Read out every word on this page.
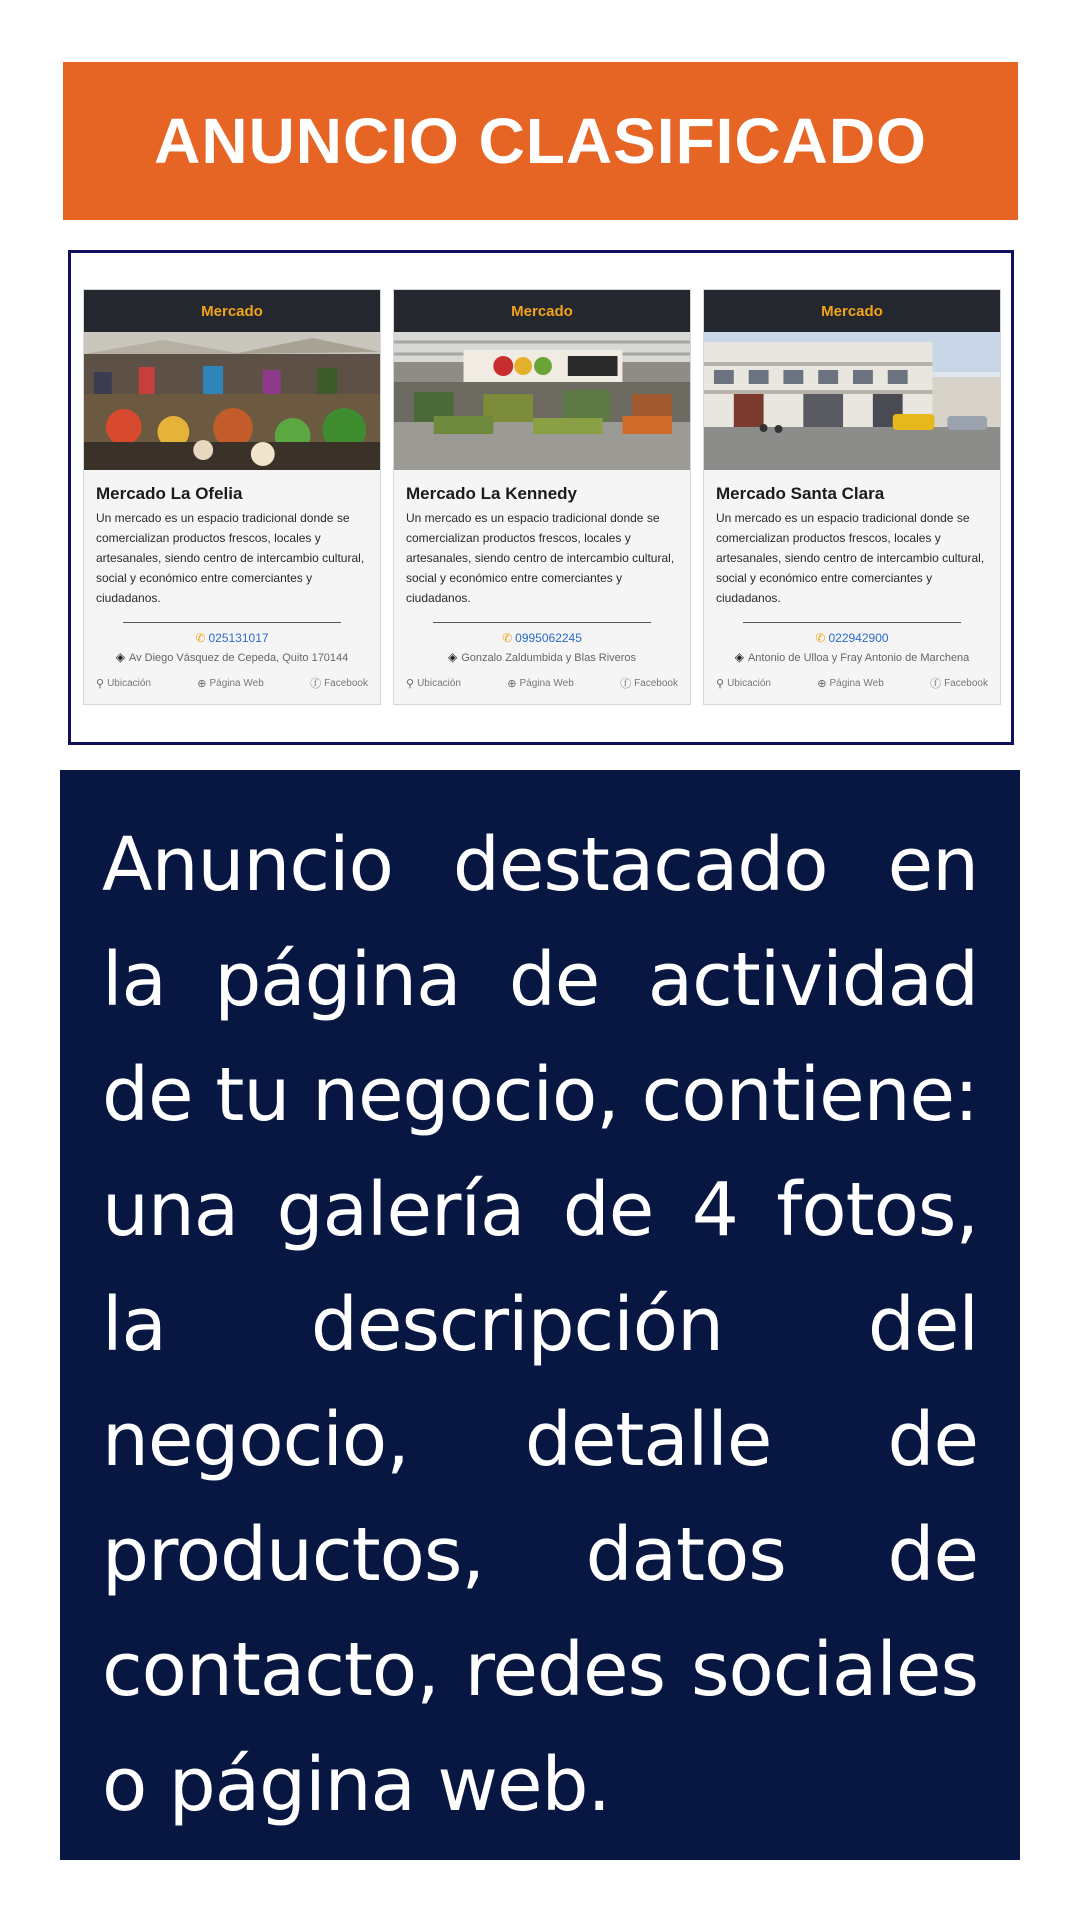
ANUNCIO CLASIFICADO
Mercado
Mercado La Ofelia

Un mercado es un espacio tradicional donde se comercializan productos frescos, locales y artesanales, siendo centro de intercambio cultural, social y económico entre comerciantes y ciudadanos.

✆ 025131017
◈ Av Diego Vásquez de Cepeda, Quito 170144
⚲ Ubicación	⊕ Página Web	ⓕ Facebook
Mercado
Mercado La Kennedy

Un mercado es un espacio tradicional donde se comercializan productos frescos, locales y artesanales, siendo centro de intercambio cultural, social y económico entre comerciantes y ciudadanos.

✆ 0995062245
◈ Gonzalo Zaldumbida y Blas Riveros
⚲ Ubicación	⊕ Página Web	ⓕ Facebook
Mercado
Mercado Santa Clara

Un mercado es un espacio tradicional donde se comercializan productos frescos, locales y artesanales, siendo centro de intercambio cultural, social y económico entre comerciantes y ciudadanos.

✆ 022942900
◈ Antonio de Ulloa y Fray Antonio de Marchena
⚲ Ubicación	⊕ Página Web	ⓕ Facebook

Anuncio destacado en la página de actividad de tu negocio, contiene: una galería de 4 fotos, la descripción del negocio, detalle de productos, datos de contacto, redes sociales o página web.
